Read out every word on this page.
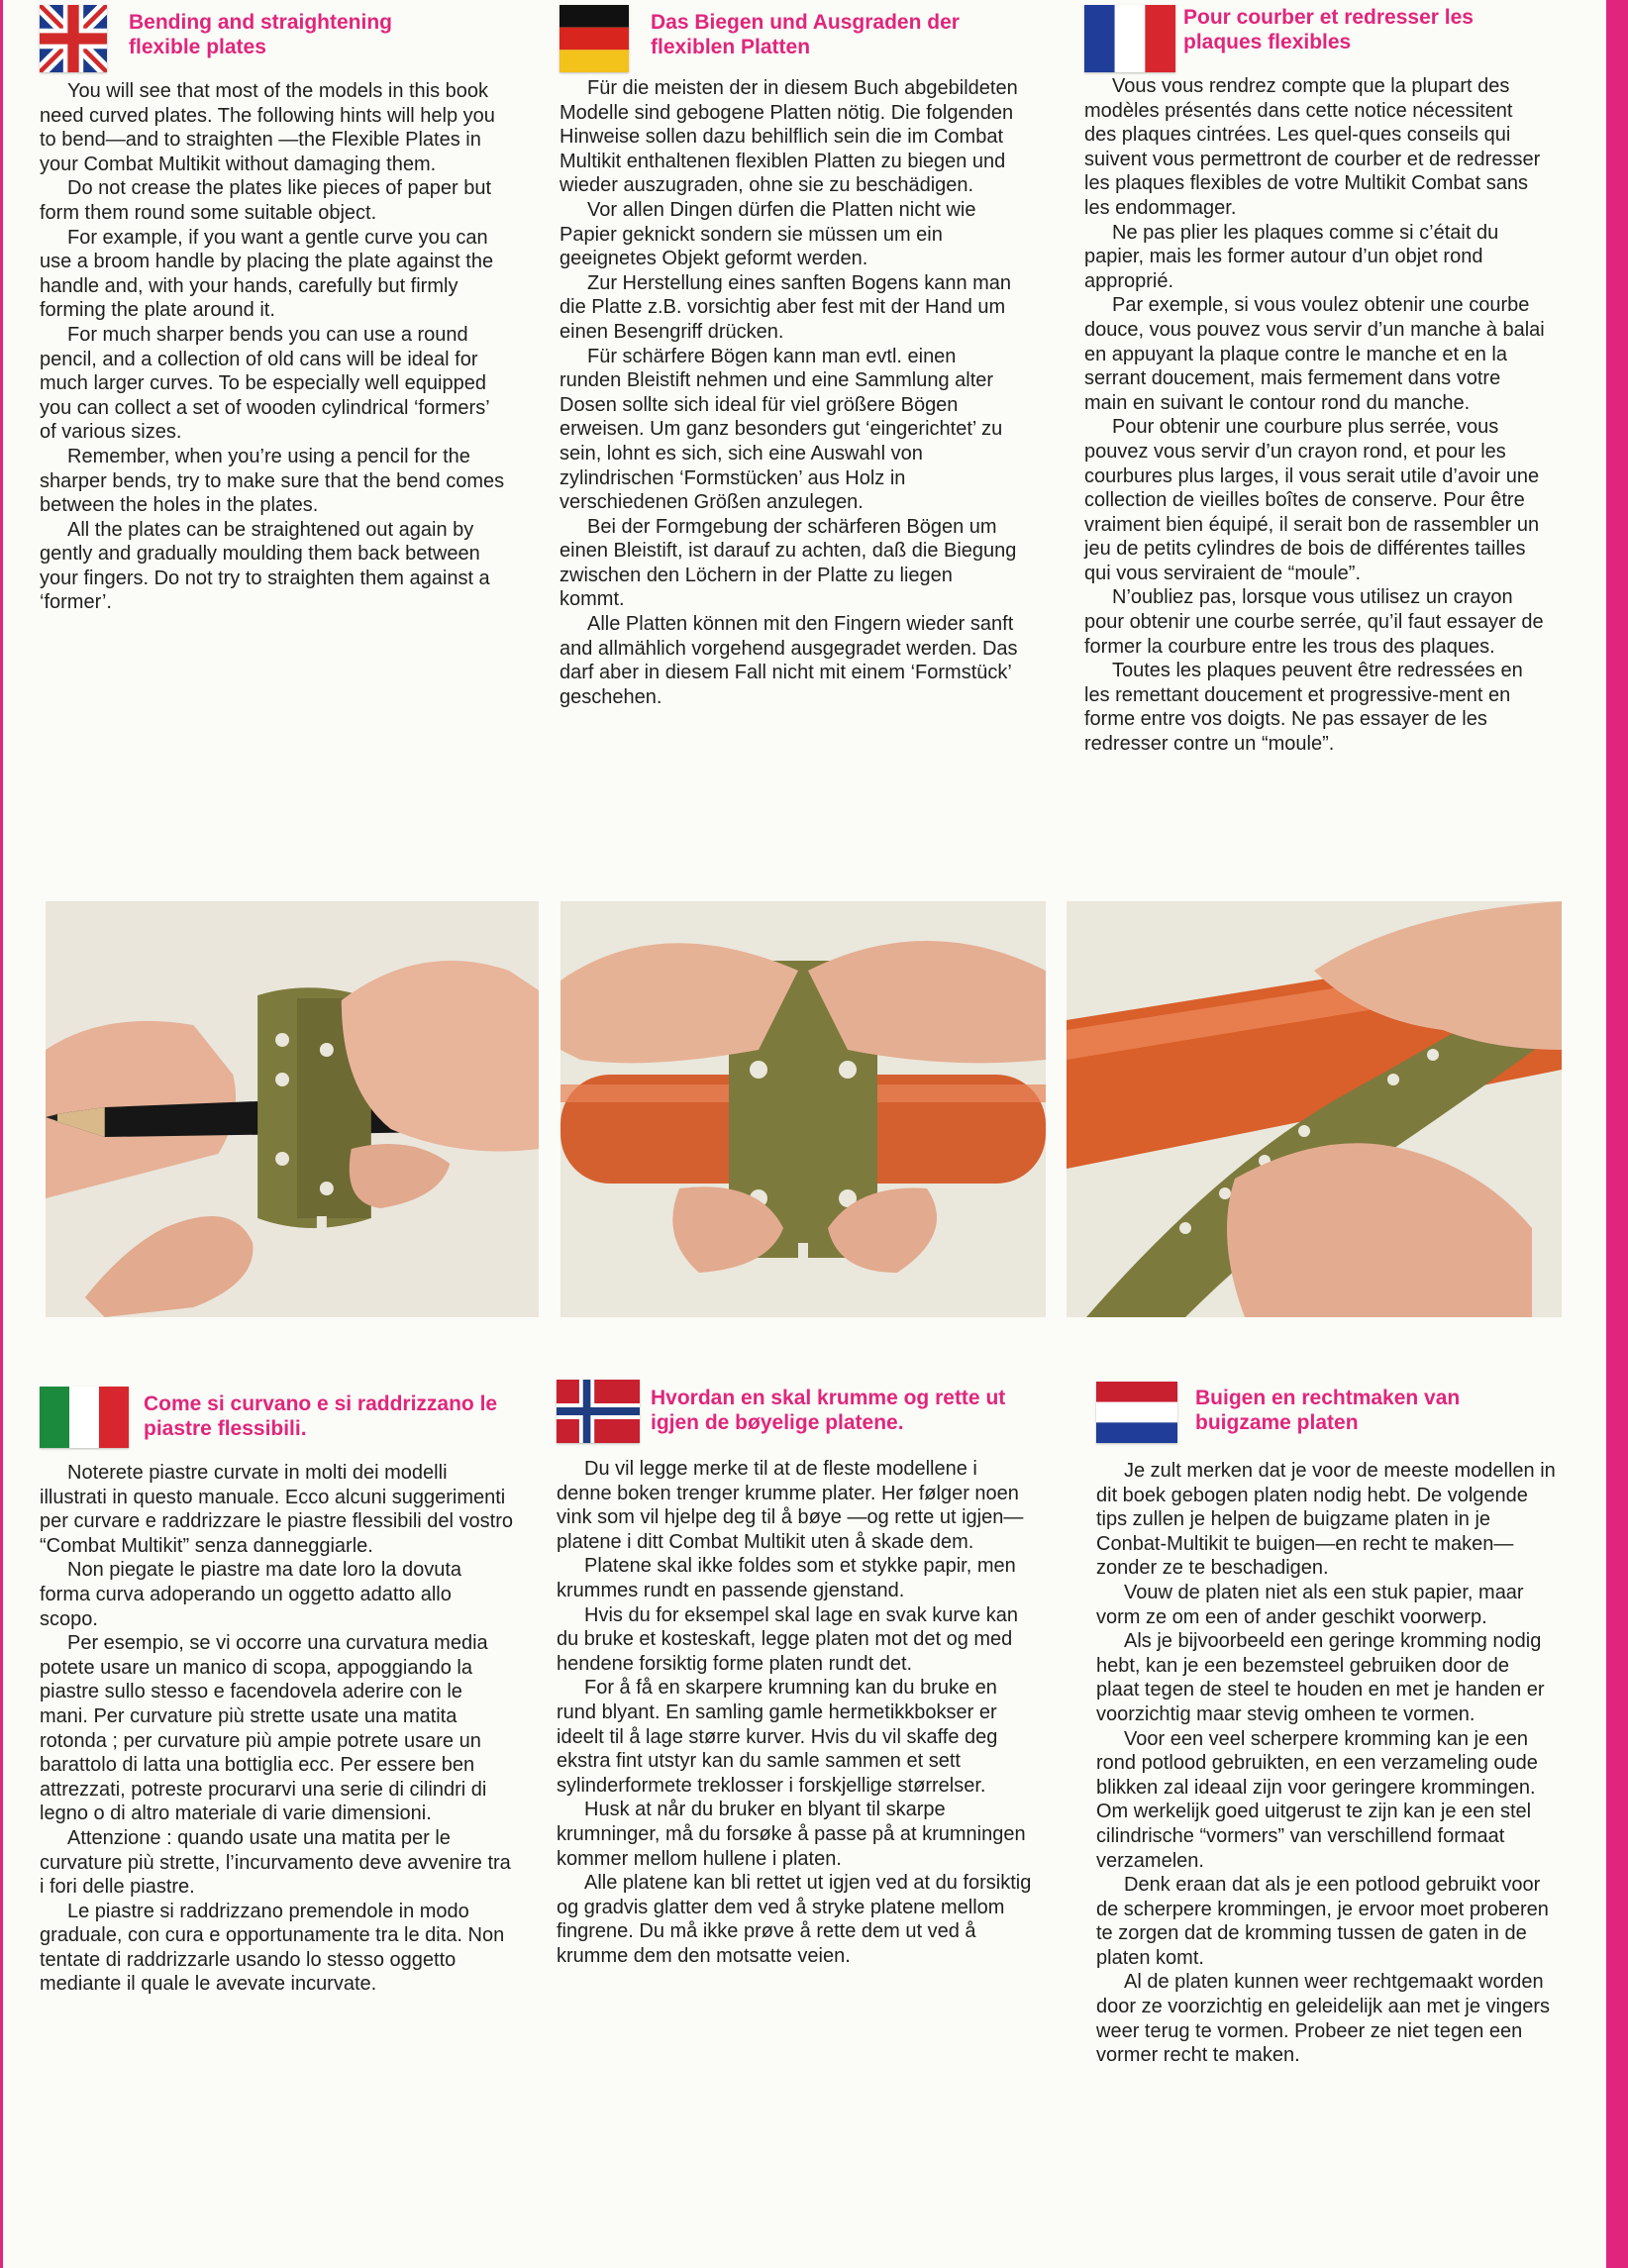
Bending and straightening flexible plates

You will see that most of the models in this book need curved plates. The following hints will help you to bend—and to straighten —the Flexible Plates in your Combat Multikit without damaging them.

Do not crease the plates like pieces of paper but form them round some suitable object.

For example, if you want a gentle curve you can use a broom handle by placing the plate against the handle and, with your hands, carefully but firmly forming the plate around it.

For much sharper bends you can use a round pencil, and a collection of old cans will be ideal for much larger curves. To be especially well equipped you can collect a set of wooden cylindrical ‘formers’ of various sizes.

Remember, when you’re using a pencil for the sharper bends, try to make sure that the bend comes between the holes in the plates.

All the plates can be straightened out again by gently and gradually moulding them back between your fingers. Do not try to straighten them against a ‘former’.

Das Biegen und Ausgraden der flexiblen Platten

Für die meisten der in diesem Buch abgebildeten Modelle sind gebogene Platten nötig. Die folgenden Hinweise sollen dazu behilflich sein die im Combat Multikit enthaltenen flexiblen Platten zu biegen und wieder auszugraden, ohne sie zu beschädigen.

Vor allen Dingen dürfen die Platten nicht wie Papier geknickt sondern sie müssen um ein geeignetes Objekt geformt werden.

Zur Herstellung eines sanften Bogens kann man die Platte z.B. vorsichtig aber fest mit der Hand um einen Besengriff drücken.

Für schärfere Bögen kann man evtl. einen runden Bleistift nehmen und eine Sammlung alter Dosen sollte sich ideal für viel größere Bögen erweisen. Um ganz besonders gut ‘eingerichtet’ zu sein, lohnt es sich, sich eine Auswahl von zylindrischen ‘Formstücken’ aus Holz in verschiedenen Größen anzulegen.

Bei der Formgebung der schärferen Bögen um einen Bleistift, ist darauf zu achten, daß die Biegung zwischen den Löchern in der Platte zu liegen kommt.

Alle Platten können mit den Fingern wieder sanft and allmählich vorgehend ausgegradet werden. Das darf aber in diesem Fall nicht mit einem ‘Formstück’ geschehen.

Pour courber et redresser les plaques flexibles

Vous vous rendrez compte que la plupart des modèles présentés dans cette notice nécessitent des plaques cintrées. Les quel-ques conseils qui suivent vous permettront de courber et de redresser les plaques flexibles de votre Multikit Combat sans les endommager.

Ne pas plier les plaques comme si c’était du papier, mais les former autour d’un objet rond approprié.

Par exemple, si vous voulez obtenir une courbe douce, vous pouvez vous servir d’un manche à balai en appuyant la plaque contre le manche et en la serrant doucement, mais fermement dans votre main en suivant le contour rond du manche.

Pour obtenir une courbure plus serrée, vous pouvez vous servir d’un crayon rond, et pour les courbures plus larges, il vous serait utile d’avoir une collection de vieilles boîtes de conserve. Pour être vraiment bien équipé, il serait bon de rassembler un jeu de petits cylindres de bois de différentes tailles qui vous serviraient de “moule”.

N’oubliez pas, lorsque vous utilisez un crayon pour obtenir une courbe serrée, qu’il faut essayer de former la courbure entre les trous des plaques.

Toutes les plaques peuvent être redressées en les remettant doucement et progressive-ment en forme entre vos doigts. Ne pas essayer de les redresser contre un “moule”.

Come si curvano e si raddrizzano le piastre flessibili.

Noterete piastre curvate in molti dei modelli illustrati in questo manuale. Ecco alcuni suggerimenti per curvare e raddrizzare le piastre flessibili del vostro “Combat Multikit” senza danneggiarle.

Non piegate le piastre ma date loro la dovuta forma curva adoperando un oggetto adatto allo scopo.

Per esempio, se vi occorre una curvatura media potete usare un manico di scopa, appoggiando la piastre sullo stesso e facendovela aderire con le mani. Per curvature più strette usate una matita rotonda ; per curvature più ampie potrete usare un barattolo di latta una bottiglia ecc. Per essere ben attrezzati, potreste procurarvi una serie di cilindri di legno o di altro materiale di varie dimensioni.

Attenzione : quando usate una matita per le curvature più strette, l’incurvamento deve avvenire tra i fori delle piastre.

Le piastre si raddrizzano premendole in modo graduale, con cura e opportunamente tra le dita. Non tentate di raddrizzarle usando lo stesso oggetto mediante il quale le avevate incurvate.

Hvordan en skal krumme og rette ut igjen de bøyelige platene.

Du vil legge merke til at de fleste modellene i denne boken trenger krumme plater. Her følger noen vink som vil hjelpe deg til å bøye —og rette ut igjen—platene i ditt Combat Multikit uten å skade dem.

Platene skal ikke foldes som et stykke papir, men krummes rundt en passende gjenstand.

Hvis du for eksempel skal lage en svak kurve kan du bruke et kosteskaft, legge platen mot det og med hendene forsiktig forme platen rundt det.

For å få en skarpere krumning kan du bruke en rund blyant. En samling gamle hermetikkbokser er ideelt til å lage større kurver. Hvis du vil skaffe deg ekstra fint utstyr kan du samle sammen et sett sylinderformete treklosser i forskjellige størrelser.

Husk at når du bruker en blyant til skarpe krumninger, må du forsøke å passe på at krumningen kommer mellom hullene i platen.

Alle platene kan bli rettet ut igjen ved at du forsiktig og gradvis glatter dem ved å stryke platene mellom fingrene. Du må ikke prøve å rette dem ut ved å krumme dem den motsatte veien.

Buigen en rechtmaken van buigzame platen

Je zult merken dat je voor de meeste modellen in dit boek gebogen platen nodig hebt. De volgende tips zullen je helpen de buigzame platen in je Conbat-Multikit te buigen—en recht te maken—zonder ze te beschadigen.

Vouw de platen niet als een stuk papier, maar vorm ze om een of ander geschikt voorwerp.

Als je bijvoorbeeld een geringe kromming nodig hebt, kan je een bezemsteel gebruiken door de plaat tegen de steel te houden en met je handen er voorzichtig maar stevig omheen te vormen.

Voor een veel scherpere kromming kan je een rond potlood gebruikten, en een verzameling oude blikken zal ideaal zijn voor geringere krommingen. Om werkelijk goed uitgerust te zijn kan je een stel cilindrische “vormers” van verschillend formaat verzamelen.

Denk eraan dat als je een potlood gebruikt voor de scherpere krommingen, je ervoor moet proberen te zorgen dat de kromming tussen de gaten in de platen komt.

Al de platen kunnen weer rechtgemaakt worden door ze voorzichtig en geleidelijk aan met je vingers weer terug te vormen. Probeer ze niet tegen een vormer recht te maken.
